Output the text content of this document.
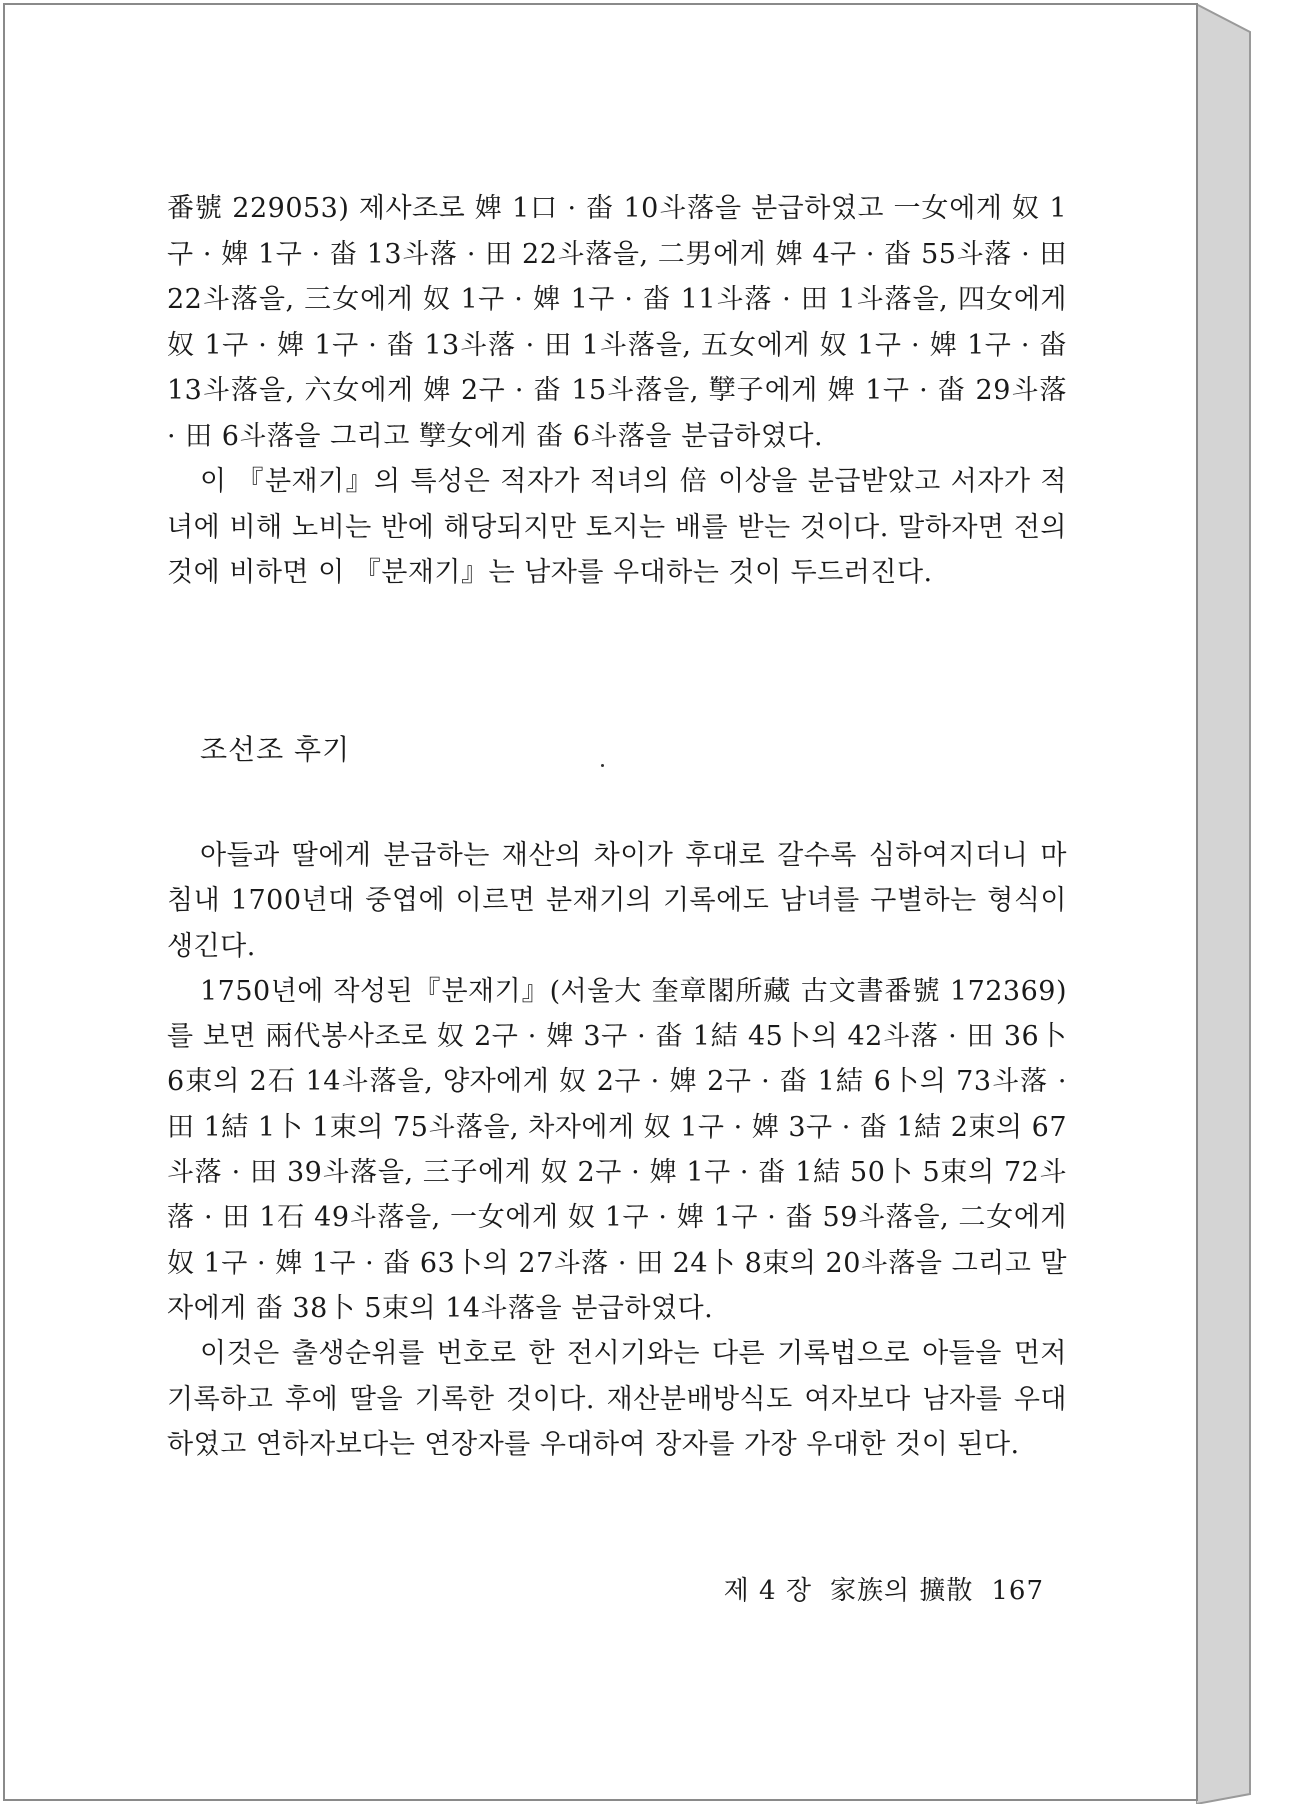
番號 229053) 제사조로 婢 1口 · 畓 10斗落을 분급하였고 一女에게 奴 1구 · 婢 1구 · 畓 13斗落 · 田 22斗落을, 二男에게 婢 4구 · 畓 55斗落 · 田 22斗落을, 三女에게 奴 1구 · 婢 1구 · 畓 11斗落 · 田 1斗落을, 四女에게 奴 1구 · 婢 1구 · 畓 13斗落 · 田 1斗落을, 五女에게 奴 1구 · 婢 1구 · 畓 13斗落을, 六女에게 婢 2구 · 畓 15斗落을, 孼子에게 婢 1구 · 畓 29斗落 · 田 6斗落을 그리고 孼女에게 畓 6斗落을 분급하였다.

이 『분재기』의 특성은 적자가 적녀의 倍 이상을 분급받았고 서자가 적녀에 비해 노비는 반에 해당되지만 토지는 배를 받는 것이다. 말하자면 전의 것에 비하면 이 『분재기』는 남자를 우대하는 것이 두드러진다.

조선조 후기

아들과 딸에게 분급하는 재산의 차이가 후대로 갈수록 심하여지더니 마침내 1700년대 중엽에 이르면 분재기의 기록에도 남녀를 구별하는 형식이 생긴다.

1750년에 작성된『분재기』(서울大 奎章閣所藏 古文書番號 172369)를 보면 兩代봉사조로 奴 2구 · 婢 3구 · 畓 1結 45卜의 42斗落 · 田 36卜 6束의 2石 14斗落을, 양자에게 奴 2구 · 婢 2구 · 畓 1結 6卜의 73斗落 · 田 1結 1卜 1束의 75斗落을, 차자에게 奴 1구 · 婢 3구 · 畓 1結 2束의 67斗落 · 田 39斗落을, 三子에게 奴 2구 · 婢 1구 · 畓 1結 50卜 5束의 72斗落 · 田 1石 49斗落을, 一女에게 奴 1구 · 婢 1구 · 畓 59斗落을, 二女에게 奴 1구 · 婢 1구 · 畓 63卜의 27斗落 · 田 24卜 8束의 20斗落을 그리고 말자에게 畓 38卜 5束의 14斗落을 분급하였다.

이것은 출생순위를 번호로 한 전시기와는 다른 기록법으로 아들을 먼저 기록하고 후에 딸을 기록한 것이다. 재산분배방식도 여자보다 남자를 우대하였고 연하자보다는 연장자를 우대하여 장자를 가장 우대한 것이 된다.

제 4 장 家族의 擴散 167
